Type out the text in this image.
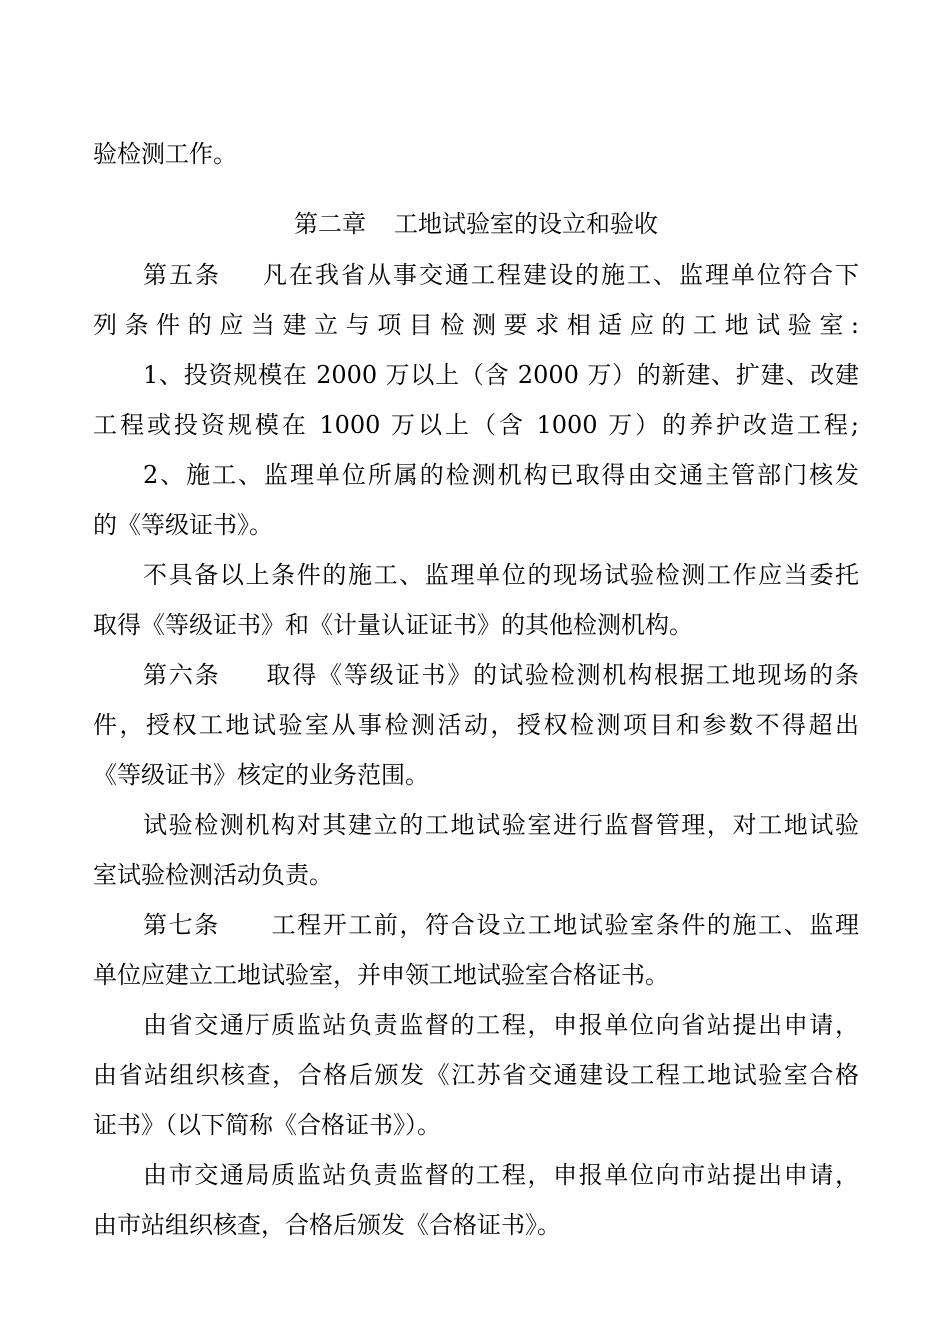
验检测工作。
第二章 工地试验室的设立和验收
第五条 凡在我省从事交通工程建设的施工、监理单位符合下
列条件的应当建立与项目检测要求相适应的工地试验室:
1、投资规模在 2000 万以上（含 2000 万）的新建、扩建、改建
工程或投资规模在 1000 万以上（含 1000 万）的养护改造工程;
2、施工、监理单位所属的检测机构已取得由交通主管部门核发
的《等级证书》。
不具备以上条件的施工、监理单位的现场试验检测工作应当委托
取得《等级证书》和《计量认证证书》的其他检测机构。
第六条 取得《等级证书》的试验检测机构根据工地现场的条
件，授权工地试验室从事检测活动，授权检测项目和参数不得超出
《等级证书》核定的业务范围。
试验检测机构对其建立的工地试验室进行监督管理，对工地试验
室试验检测活动负责。
第七条 工程开工前，符合设立工地试验室条件的施工、监理
单位应建立工地试验室，并申领工地试验室合格证书。
由省交通厅质监站负责监督的工程，申报单位向省站提出申请，
由省站组织核查，合格后颁发《江苏省交通建设工程工地试验室合格
证书》（以下简称《合格证书》）。
由市交通局质监站负责监督的工程，申报单位向市站提出申请，
由市站组织核查，合格后颁发《合格证书》。
